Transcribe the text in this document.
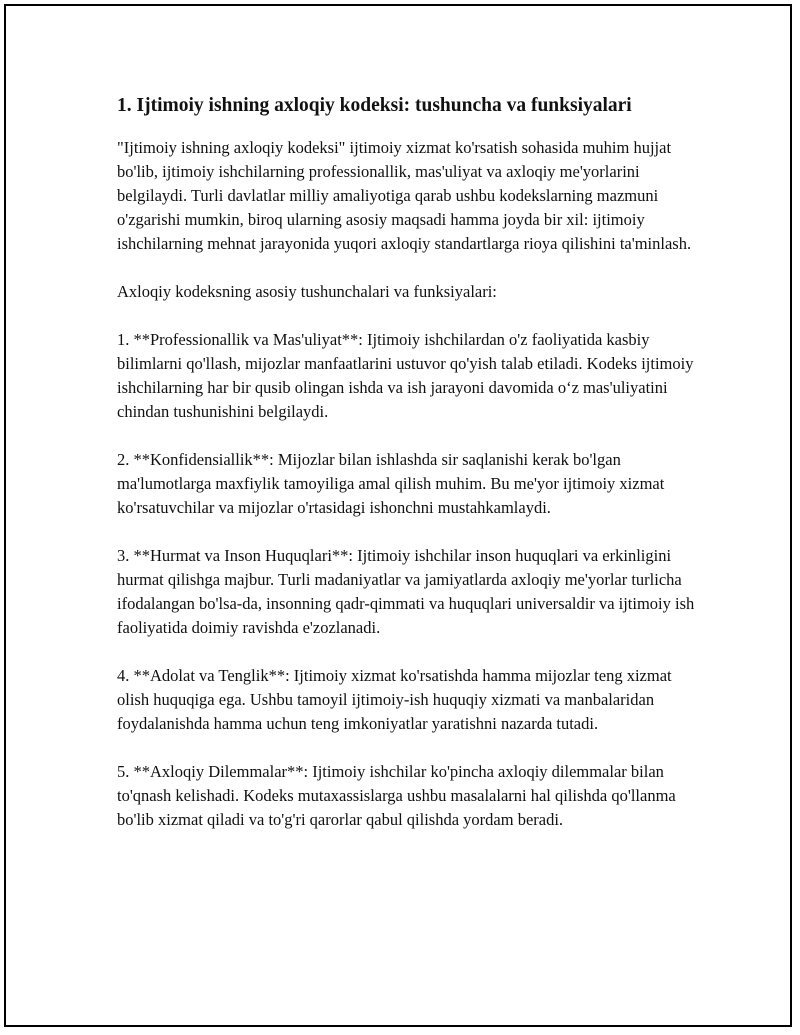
1. Ijtimoiy ishning axloqiy kodeksi: tushuncha va funksiyalari

"Ijtimoiy ishning axloqiy kodeksi" ijtimoiy xizmat ko'rsatish sohasida muhim hujjat bo'lib, ijtimoiy ishchilarning professionallik, mas'uliyat va axloqiy me'yorlarini belgilaydi. Turli davlatlar milliy amaliyotiga qarab ushbu kodekslarning mazmuni o'zgarishi mumkin, biroq ularning asosiy maqsadi hamma joyda bir xil: ijtimoiy ishchilarning mehnat jarayonida yuqori axloqiy standartlarga rioya qilishini ta'minlash.

Axloqiy kodeksning asosiy tushunchalari va funksiyalari:

1. **Professionallik va Mas'uliyat**: Ijtimoiy ishchilardan o'z faoliyatida kasbiy bilimlarni qo'llash, mijozlar manfaatlarini ustuvor qo'yish talab etiladi. Kodeks ijtimoiy ishchilarning har bir qusib olingan ishda va ish jarayoni davomida o‘z mas'uliyatini chindan tushunishini belgilaydi.

2. **Konfidensiallik**: Mijozlar bilan ishlashda sir saqlanishi kerak bo'lgan ma'lumotlarga maxfiylik tamoyiliga amal qilish muhim. Bu me'yor ijtimoiy xizmat ko'rsatuvchilar va mijozlar o'rtasidagi ishonchni mustahkamlaydi.

3. **Hurmat va Inson Huquqlari**: Ijtimoiy ishchilar inson huquqlari va erkinligini hurmat qilishga majbur. Turli madaniyatlar va jamiyatlarda axloqiy me'yorlar turlicha ifodalangan bo'lsa-da, insonning qadr-qimmati va huquqlari universaldir va ijtimoiy ish faoliyatida doimiy ravishda e'zozlanadi.

4. **Adolat va Tenglik**: Ijtimoiy xizmat ko'rsatishda hamma mijozlar teng xizmat olish huquqiga ega. Ushbu tamoyil ijtimoiy-ish huquqiy xizmati va manbalaridan foydalanishda hamma uchun teng imkoniyatlar yaratishni nazarda tutadi.

5. **Axloqiy Dilemmalar**: Ijtimoiy ishchilar ko'pincha axloqiy dilemmalar bilan to'qnash kelishadi. Kodeks mutaxassislarga ushbu masalalarni hal qilishda qo'llanma bo'lib xizmat qiladi va to'g'ri qarorlar qabul qilishda yordam beradi.
